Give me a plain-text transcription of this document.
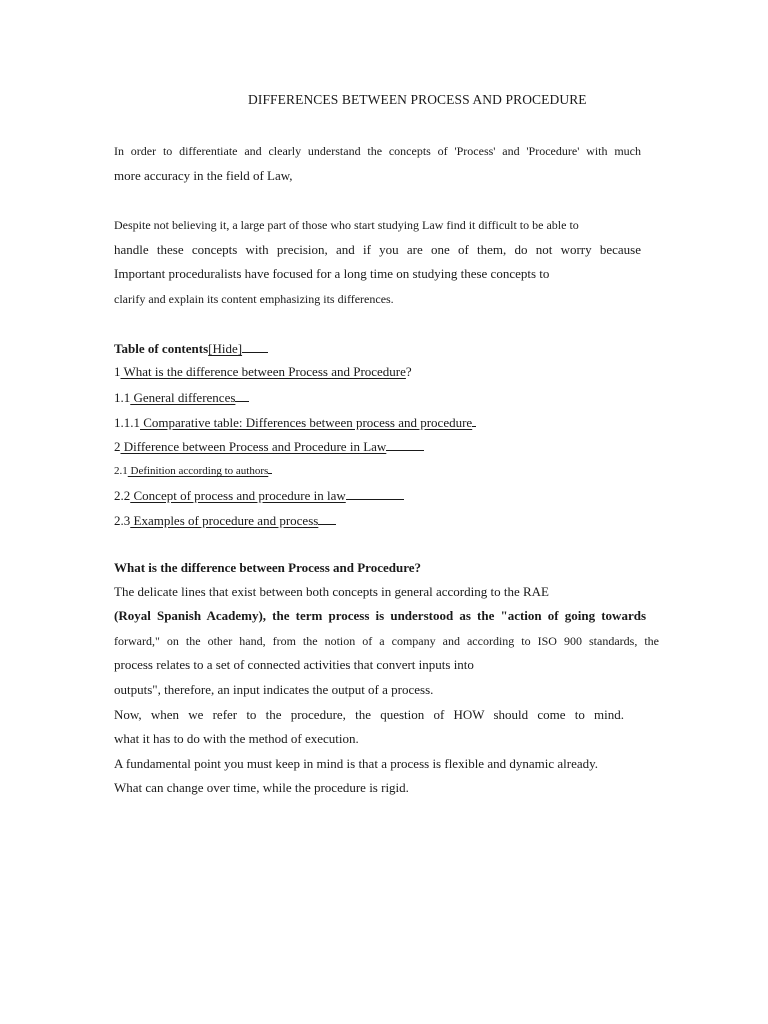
DIFFERENCES BETWEEN PROCESS AND PROCEDURE
In order to differentiate and clearly understand the concepts of 'Process' and 'Procedure' with much
more accuracy in the field of Law,
Despite not believing it, a large part of those who start studying Law find it difficult to be able to
handle these concepts with precision, and if you are one of them, do not worry because
Important proceduralists have focused for a long time on studying these concepts to
clarify and explain its content emphasizing its differences.
Table of contents[Hide]
1 What is the difference between Process and Procedure?
1.1 General differences
1.1.1 Comparative table: Differences between process and procedure
2 Difference between Process and Procedure in Law
2.1 Definition according to authors
2.2 Concept of process and procedure in law
2.3 Examples of procedure and process
What is the difference between Process and Procedure?
The delicate lines that exist between both concepts in general according to the RAE
(Royal Spanish Academy), the term process is understood as the "action of going towards
forward," on the other hand, from the notion of a company and according to ISO 900 standards, the
process relates to a set of connected activities that convert inputs into
outputs", therefore, an input indicates the output of a process.
Now, when we refer to the procedure, the question of HOW should come to mind.
what it has to do with the method of execution.
A fundamental point you must keep in mind is that a process is flexible and dynamic already.
What can change over time, while the procedure is rigid.
